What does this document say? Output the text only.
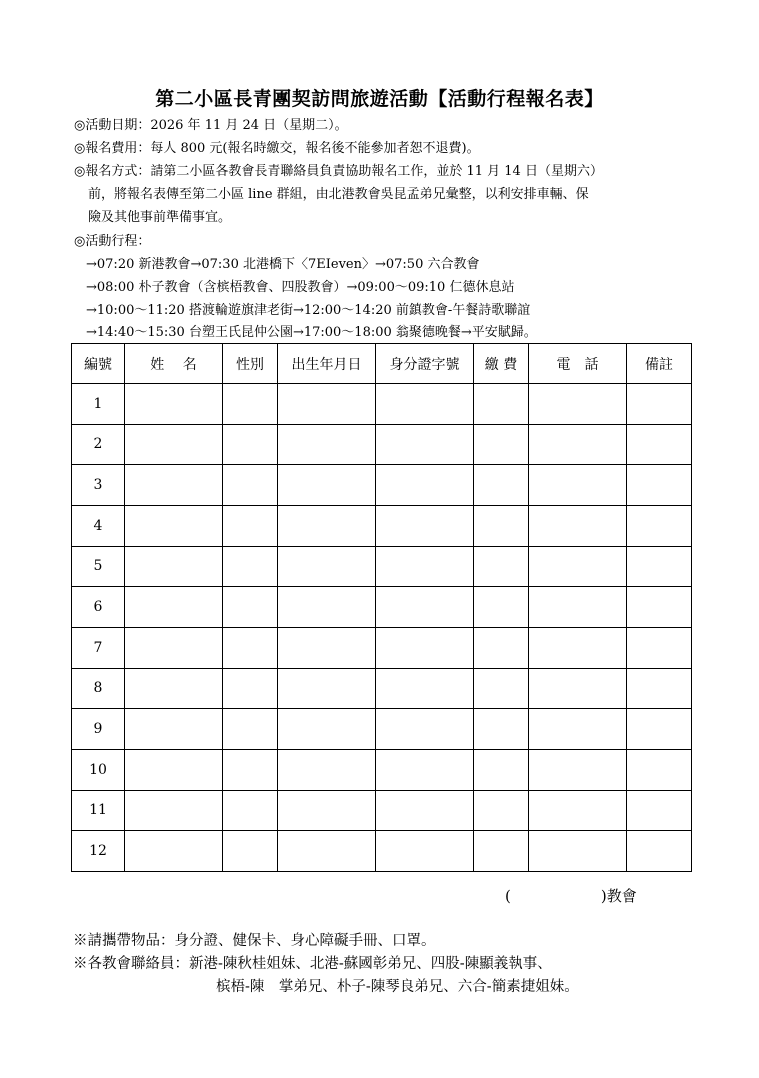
第二小區長青團契訪問旅遊活動【活動行程報名表】
◎活動日期：2026 年 11 月 24 日（星期二）。
◎報名費用：每人 800 元(報名時繳交，報名後不能參加者恕不退費)。
◎報名方式：請第二小區各教會長青聯絡員負責協助報名工作，並於 11 月 14 日（星期六）
前，將報名表傳至第二小區 line 群組，由北港教會吳昆孟弟兄彙整，以利安排車輛、保
險及其他事前準備事宜。
◎活動行程：
→07:20 新港教會→07:30 北港橋下〈7EIeven〉→07:50 六合教會
→08:00 朴子教會（含槟梧教會、四股教會）→09:00～09:10 仁德休息站
→10:00～11:20 搭渡輪遊旗津老街→12:00～14:20 前鎮教會-午餐詩歌聯誼
→14:40～15:30 台塑王氏昆仲公園→17:00～18:00 翁聚德晚餐→平安賦歸。
編號	姓　 名	性別	出生年月日	身分證字號	繳 費	電　話	備註
1							
2							
3							
4							
5							
6							
7							
8							
9							
10							
11							
12							
(　　　　　　)教會
※請攜帶物品：身分證、健保卡、身心障礙手冊、口罩。
※各教會聯絡員：新港-陳秋桂姐妹、北港-蘇國彰弟兄、四股-陳顯義執事、
槟梧-陳　掌弟兄、朴子-陳琴良弟兄、六合-簡素捷姐妹。
